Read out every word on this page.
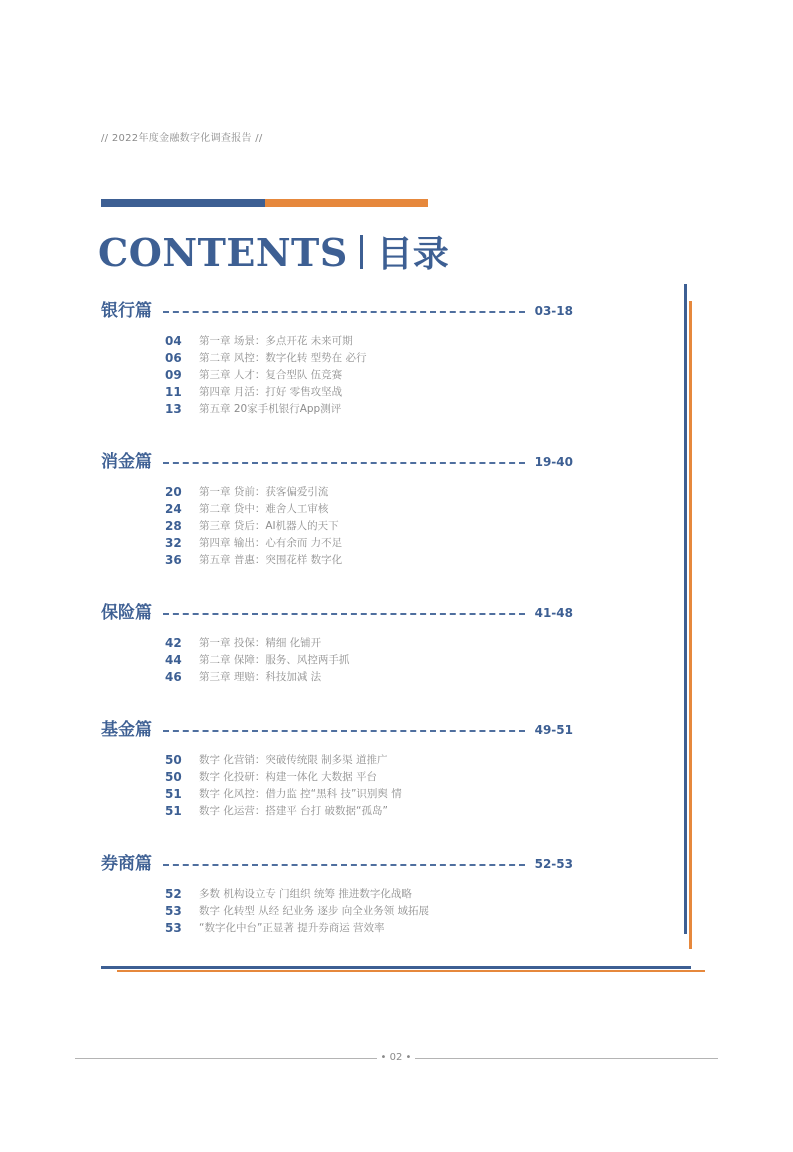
// 2022年度金融数字化调查报告 //
CONTENTS 目录
银行篇	03-18
04	第一章 场景：多点开花 未来可期
06	第二章 风控：数字化转 型势在 必行
09	第三章 人才：复合型队 伍竞赛
11	第四章 月活：打好 零售攻坚战
13	第五章 20家手机银行App测评
消金篇	19-40
20	第一章 贷前：获客偏爱引流
24	第二章 贷中：难舍人工审核
28	第三章 贷后：AI机器人的天下
32	第四章 输出：心有余而 力不足
36	第五章 普惠：突围花样 数字化
保险篇	41-48
42	第一章 投保：精细 化铺开
44	第二章 保障：服务、风控两手抓
46	第三章 理赔：科技加减 法
基金篇	49-51
50	数字 化营销：突破传统限 制多渠 道推广
50	数字 化投研：构建一体化 大数据 平台
51	数字 化风控：借力监 控“黑科 技”识别舆 情
51	数字 化运营：搭建平 台打 破数据“孤岛”
券商篇	52-53
52	多数 机构设立专 门组织 统筹 推进数字化战略
53	数字 化转型 从经 纪业务 逐步 向全业务领 域拓展
53	“数字化中台”正显著 提升券商运 营效率
• 02 •
